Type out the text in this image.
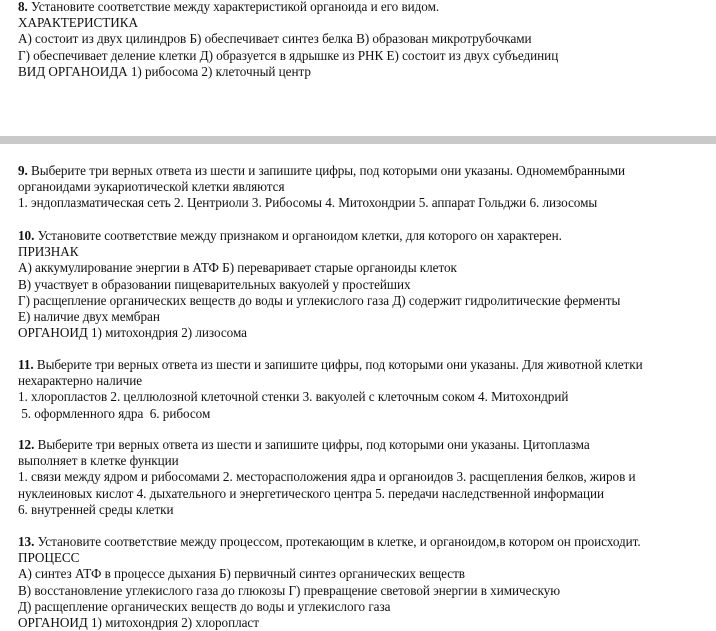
8. Установите соответствие между характеристикой органоида и его видом.
ХАРАКТЕРИСТИКА
А) состоит из двух цилиндров Б) обеспечивает синтез белка В) образован микротрубочками
Г) обеспечивает деление клетки Д) образуется в ядрышке из РНК Е) состоит из двух субъединиц
ВИД ОРГАНОИДА 1) рибосома 2) клеточный центр
9. Выберите три верных ответа из шести и запишите цифры, под которыми они указаны. Одномембранными
органоидами эукариотической клетки являются
1. эндоплазматическая сеть 2. Центриоли 3. Рибосомы 4. Митохондрии 5. аппарат Гольджи 6. лизосомы
10. Установите соответствие между признаком и органоидом клетки, для которого он характерен.
ПРИЗНАК
А) аккумулирование энергии в АТФ Б) переваривает старые органоиды клеток
В) участвует в образовании пищеварительных вакуолей у простейших
Г) расщепление органических веществ до воды и углекислого газа Д) содержит гидролитические ферменты
Е) наличие двух мембран
ОРГАНОИД 1) митохондрия 2) лизосома
11. Выберите три верных ответа из шести и запишите цифры, под которыми они указаны. Для животной клетки
нехарактерно наличие
1. хлоропластов 2. целлюлозной клеточной стенки 3. вакуолей с клеточным соком 4. Митохондрий
5. оформленного ядра  6. рибосом
12. Выберите три верных ответа из шести и запишите цифры, под которыми они указаны. Цитоплазма
выполняет в клетке функции
1. связи между ядром и рибосомами 2. месторасположения ядра и органоидов 3. расщепления белков, жиров и
нуклеиновых кислот 4. дыхательного и энергетического центра 5. передачи наследственной информации
6. внутренней среды клетки
13. Установите соответствие между процессом, протекающим в клетке, и органоидом,в котором он происходит.
ПРОЦЕСС
А) синтез АТФ в процессе дыхания Б) первичный синтез органических веществ
В) восстановление углекислого газа до глюкозы Г) превращение световой энергии в химическую
Д) расщепление органических веществ до воды и углекислого газа
ОРГАНОИД 1) митохондрия 2) хлоропласт
